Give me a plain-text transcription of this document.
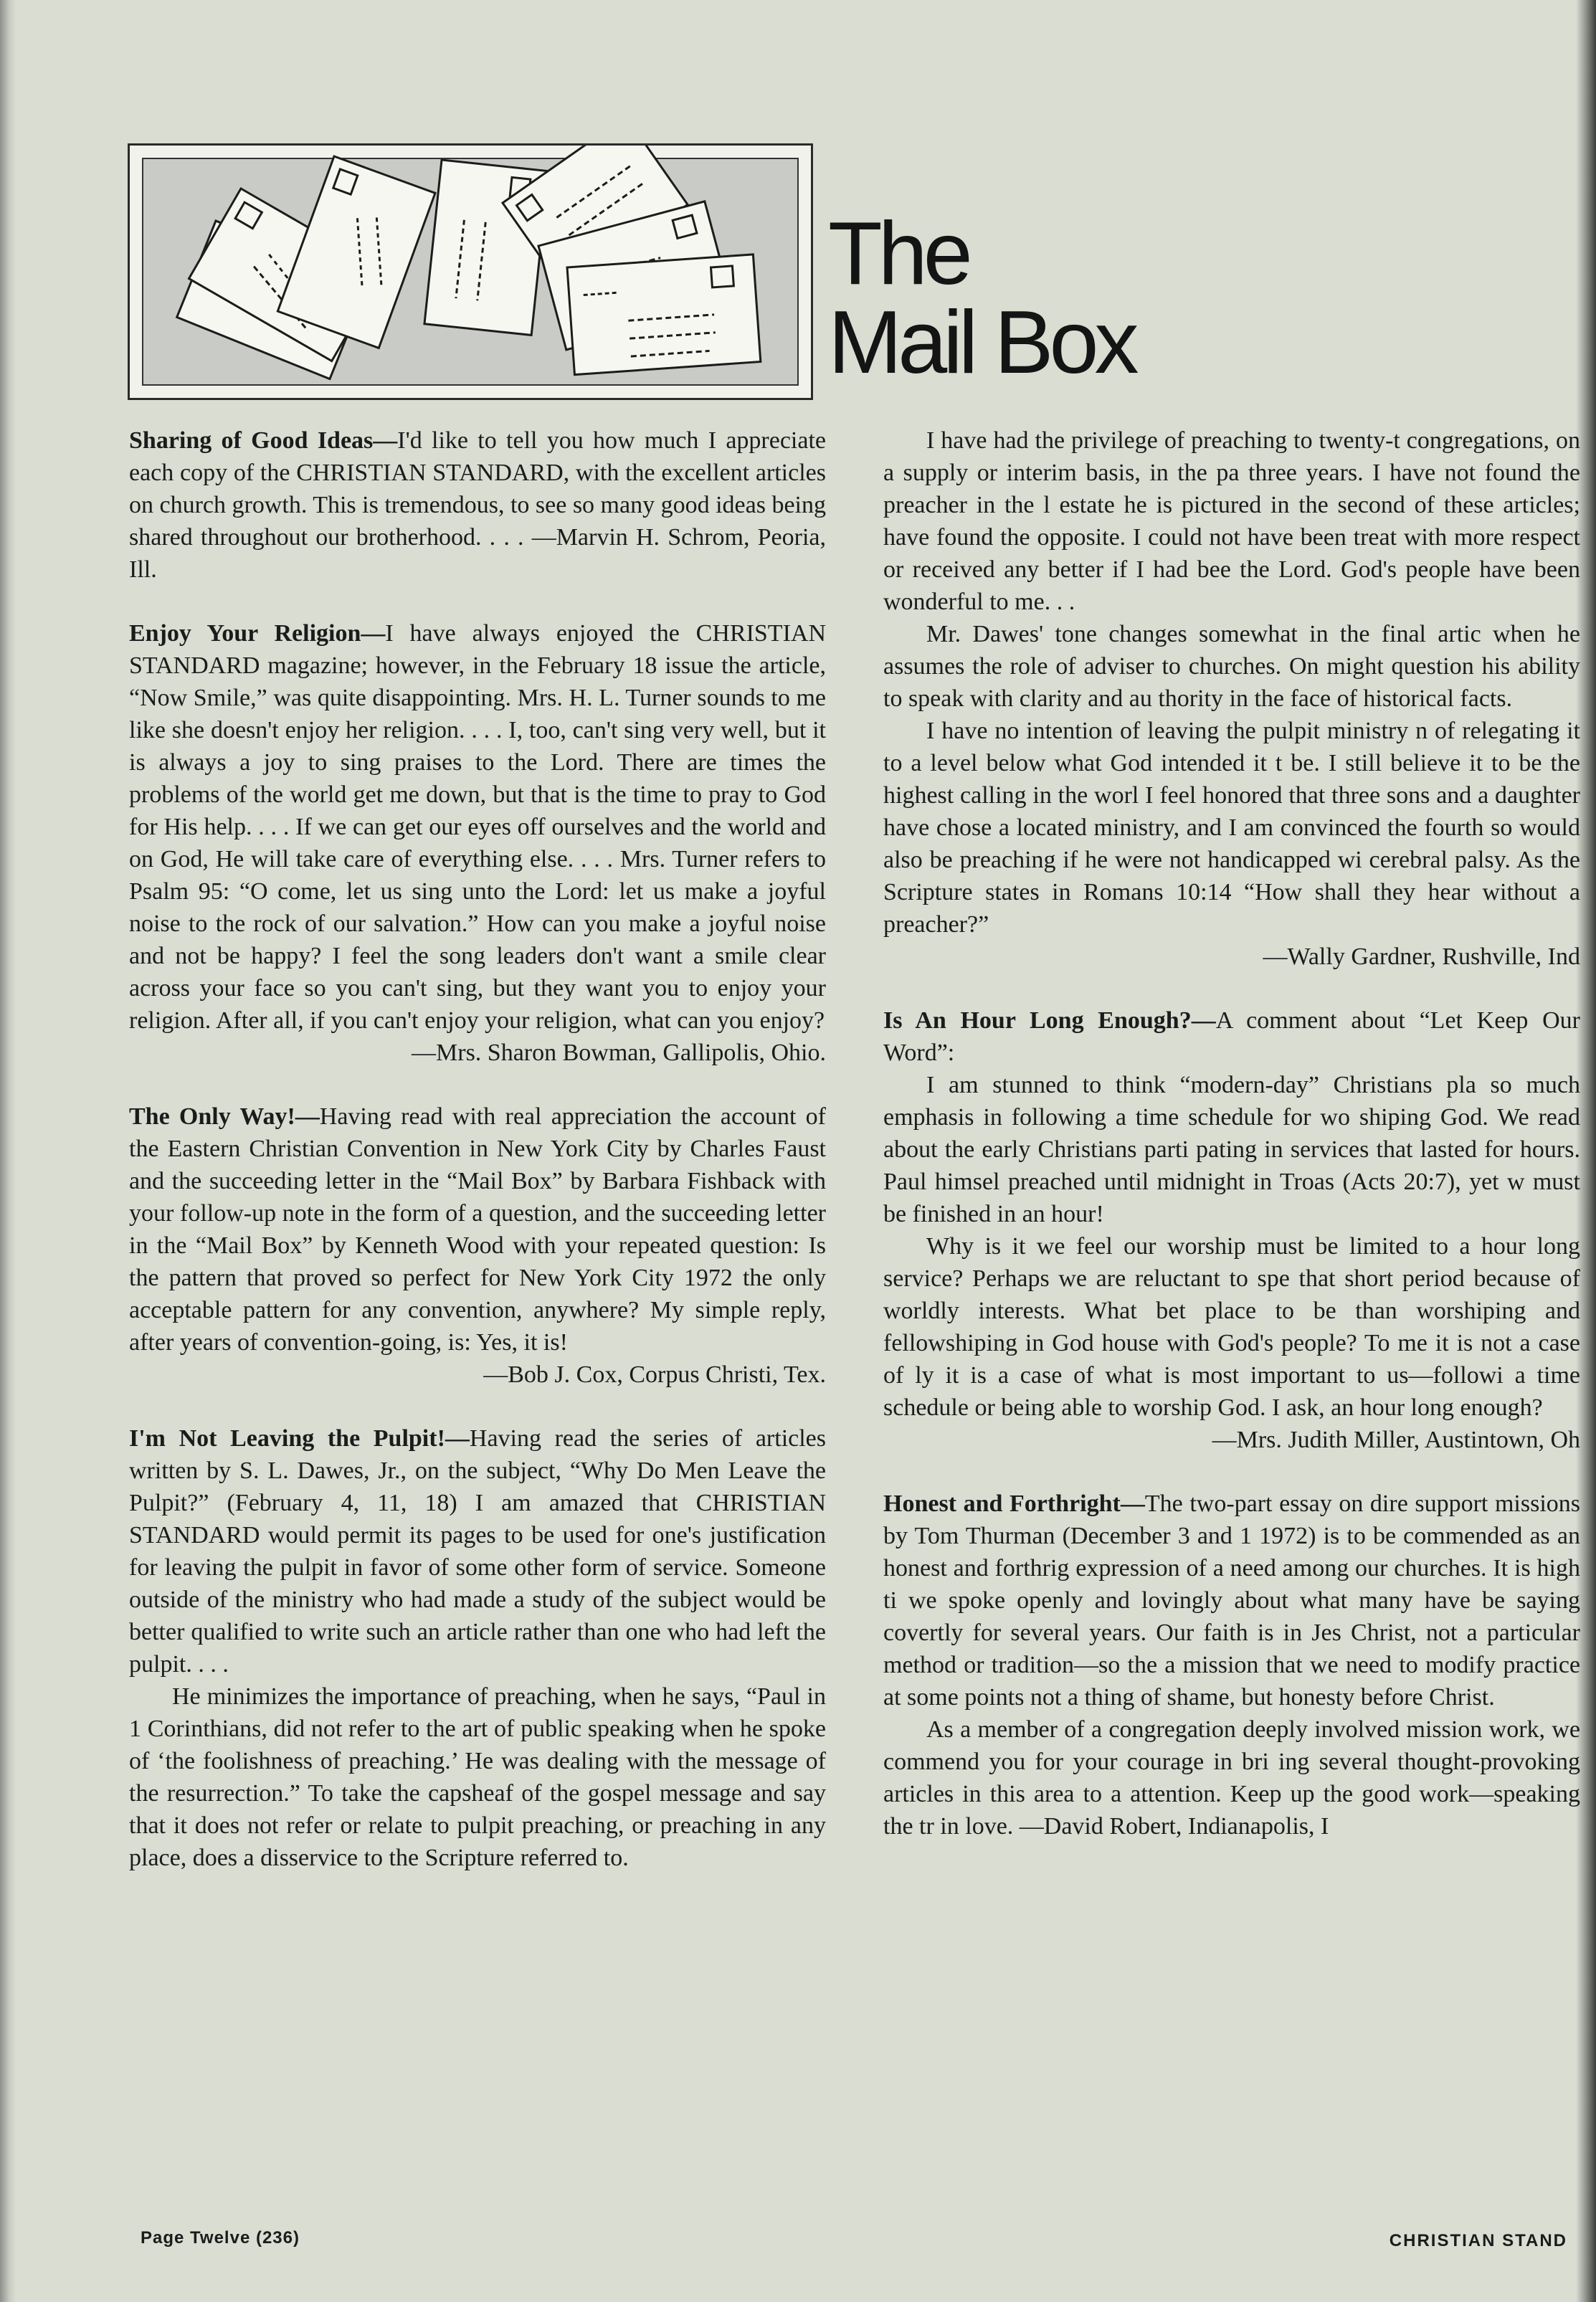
The
Mail Box

Sharing of Good Ideas—I'd like to tell you how much I appreciate each copy of the CHRISTIAN STANDARD, with the excellent articles on church growth. This is tremendous, to see so many good ideas being shared throughout our brotherhood. . . . —Marvin H. Schrom, Peoria, Ill.

Enjoy Your Religion—I have always enjoyed the CHRISTIAN STANDARD magazine; however, in the February 18 issue the article, “Now Smile,” was quite disappointing. Mrs. H. L. Turner sounds to me like she doesn't enjoy her religion. . . . I, too, can't sing very well, but it is always a joy to sing praises to the Lord. There are times the problems of the world get me down, but that is the time to pray to God for His help. . . . If we can get our eyes off ourselves and the world and on God, He will take care of everything else. . . . Mrs. Turner refers to Psalm 95: “O come, let us sing unto the Lord: let us make a joyful noise to the rock of our salvation.” How can you make a joyful noise and not be happy? I feel the song leaders don't want a smile clear across your face so you can't sing, but they want you to enjoy your religion. After all, if you can't enjoy your religion, what can you enjoy?

—Mrs. Sharon Bowman, Gallipolis, Ohio.

The Only Way!—Having read with real appreciation the account of the Eastern Christian Convention in New York City by Charles Faust and the succeeding letter in the “Mail Box” by Barbara Fishback with your follow-up note in the form of a question, and the succeeding letter in the “Mail Box” by Kenneth Wood with your repeated question: Is the pattern that proved so perfect for New York City 1972 the only acceptable pattern for any convention, anywhere? My simple reply, after years of convention-going, is: Yes, it is!

—Bob J. Cox, Corpus Christi, Tex.

I'm Not Leaving the Pulpit!—Having read the series of articles written by S. L. Dawes, Jr., on the subject, “Why Do Men Leave the Pulpit?” (February 4, 11, 18) I am amazed that CHRISTIAN STANDARD would permit its pages to be used for one's justification for leaving the pulpit in favor of some other form of service. Someone outside of the ministry who had made a study of the subject would be better qualified to write such an article rather than one who had left the pulpit. . . .

He minimizes the importance of preaching, when he says, “Paul in 1 Corinthians, did not refer to the art of public speaking when he spoke of ‘the foolishness of preaching.’ He was dealing with the message of the resurrection.” To take the capsheaf of the gospel message and say that it does not refer or relate to pulpit preaching, or preaching in any place, does a disservice to the Scripture referred to.

I have had the privilege of preaching to twenty-t congregations, on a supply or interim basis, in the pa three years. I have not found the preacher in the l estate he is pictured in the second of these articles; have found the opposite. I could not have been treat with more respect or received any better if I had bee the Lord. God's people have been wonderful to me. . .

Mr. Dawes' tone changes somewhat in the final artic when he assumes the role of adviser to churches. On might question his ability to speak with clarity and au thority in the face of historical facts.

I have no intention of leaving the pulpit ministry n of relegating it to a level below what God intended it t be. I still believe it to be the highest calling in the worl I feel honored that three sons and a daughter have chose a located ministry, and I am convinced the fourth so would also be preaching if he were not handicapped wi cerebral palsy. As the Scripture states in Romans 10:14 “How shall they hear without a preacher?”

—Wally Gardner, Rushville, Ind

Is An Hour Long Enough?—A comment about “Let Keep Our Word”:

I am stunned to think “modern-day” Christians pla so much emphasis in following a time schedule for wo shiping God. We read about the early Christians parti pating in services that lasted for hours. Paul himsel preached until midnight in Troas (Acts 20:7), yet w must be finished in an hour!

Why is it we feel our worship must be limited to a hour long service? Perhaps we are reluctant to spe that short period because of worldly interests. What bet place to be than worshiping and fellowshiping in God house with God's people? To me it is not a case of ly it is a case of what is most important to us—followi a time schedule or being able to worship God. I ask, an hour long enough?

—Mrs. Judith Miller, Austintown, Oh

Honest and Forthright—The two-part essay on dire support missions by Tom Thurman (December 3 and 1 1972) is to be commended as an honest and forthrig expression of a need among our churches. It is high ti we spoke openly and lovingly about what many have be saying covertly for several years. Our faith is in Jes Christ, not a particular method or tradition—so the a mission that we need to modify practice at some points not a thing of shame, but honesty before Christ.

As a member of a congregation deeply involved mission work, we commend you for your courage in bri ing several thought-provoking articles in this area to a attention. Keep up the good work—speaking the tr in love. —David Robert, Indianapolis, I

Page Twelve (236)	CHRISTIAN STAND
